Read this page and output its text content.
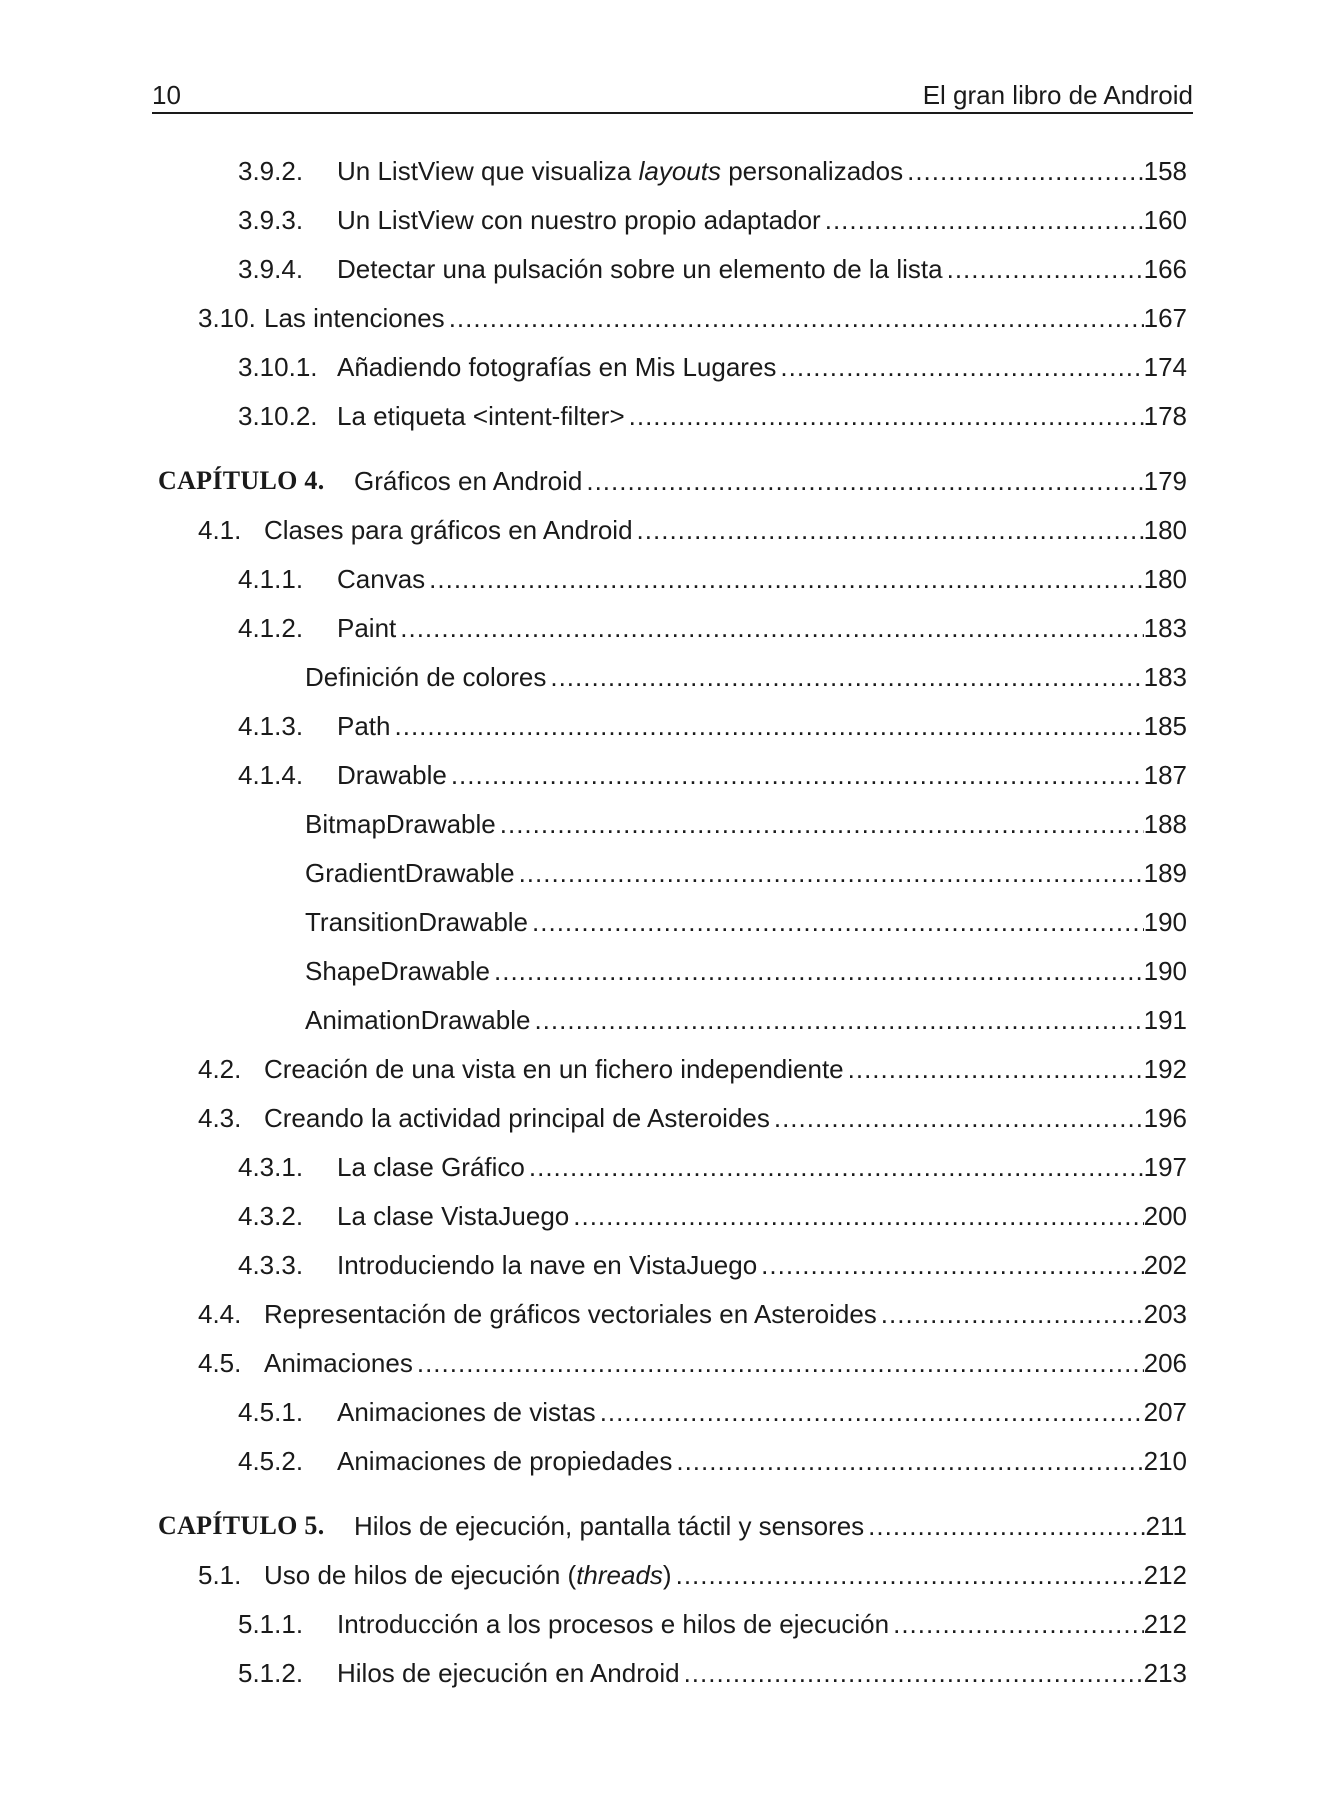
10	El gran libro de Android
3.9.2.	Un ListView que visualiza layouts personalizados .....	158
3.9.3.	Un ListView con nuestro propio adaptador .....	160
3.9.4.	Detectar una pulsación sobre un elemento de la lista .....	166
3.10. Las intenciones .....	167
3.10.1. Añadiendo fotografías en Mis Lugares .....	174
3.10.2. La etiqueta <intent-filter> .....	178
CAPÍTULO 4.	Gráficos en Android .....	179
4.1. Clases para gráficos en Android .....	180
4.1.1.	Canvas .....	180
4.1.2.	Paint .....	183
Definición de colores .....	183
4.1.3.	Path .....	185
4.1.4.	Drawable .....	187
BitmapDrawable .....	188
GradientDrawable .....	189
TransitionDrawable .....	190
ShapeDrawable .....	190
AnimationDrawable .....	191
4.2. Creación de una vista en un fichero independiente .....	192
4.3. Creando la actividad principal de Asteroides .....	196
4.3.1.	La clase Gráfico .....	197
4.3.2.	La clase VistaJuego .....	200
4.3.3.	Introduciendo la nave en VistaJuego .....	202
4.4. Representación de gráficos vectoriales en Asteroides .....	203
4.5. Animaciones .....	206
4.5.1.	Animaciones de vistas .....	207
4.5.2.	Animaciones de propiedades .....	210
CAPÍTULO 5.	Hilos de ejecución, pantalla táctil y sensores .....	211
5.1. Uso de hilos de ejecución (threads) .....	212
5.1.1.	Introducción a los procesos e hilos de ejecución .....	212
5.1.2.	Hilos de ejecución en Android .....	213
